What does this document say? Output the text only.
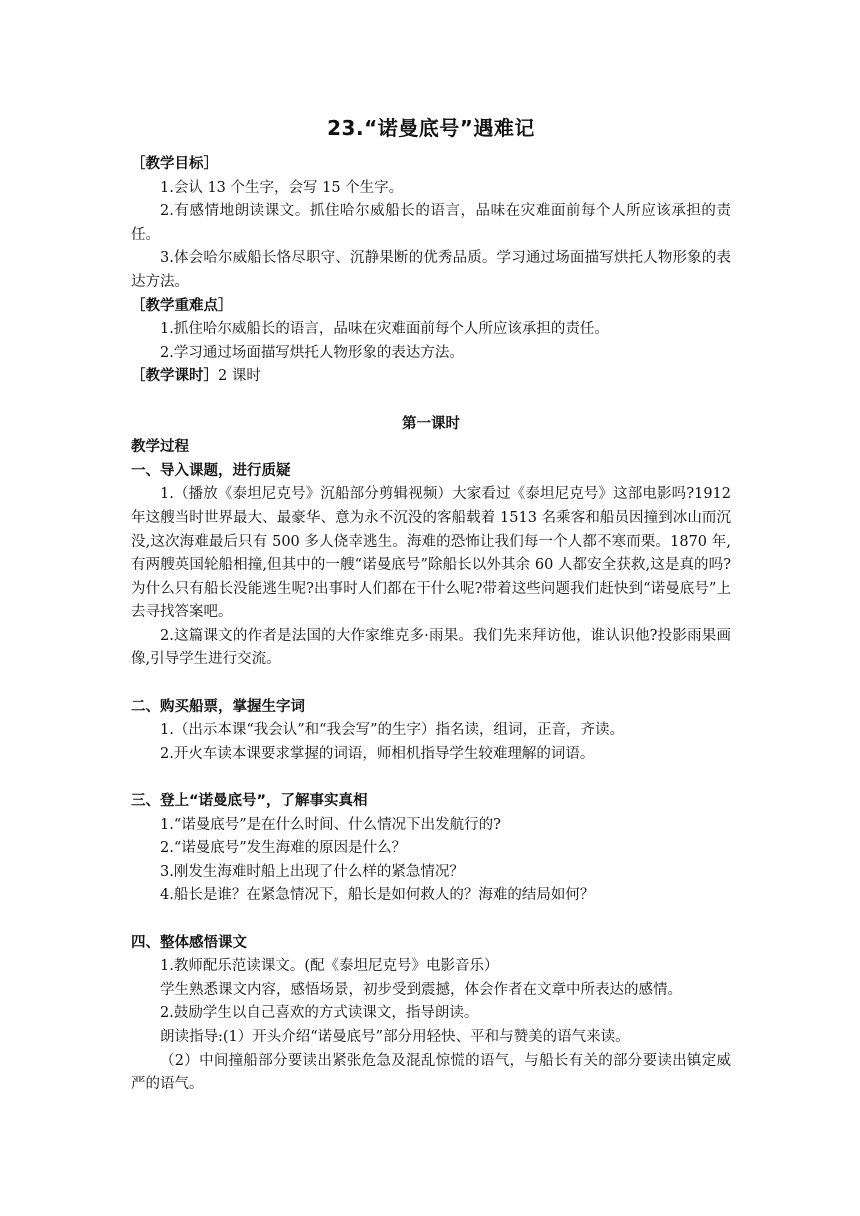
23.“诺曼底号”遇难记

［教学目标］

1.会认 13 个生字，会写 15 个生字。

2.有感情地朗读课文。抓住哈尔威船长的语言，品味在灾难面前每个人所应该承担的责任。

3.体会哈尔威船长恪尽职守、沉静果断的优秀品质。学习通过场面描写烘托人物形象的表达方法。

［教学重难点］

1.抓住哈尔威船长的语言，品味在灾难面前每个人所应该承担的责任。

2.学习通过场面描写烘托人物形象的表达方法。

［教学课时］2 课时

第一课时

教学过程

一、导入课题，进行质疑

1.（播放《泰坦尼克号》沉船部分剪辑视频）大家看过《泰坦尼克号》这部电影吗?1912 年这艘当时世界最大、最豪华、意为永不沉没的客船载着 1513 名乘客和船员因撞到冰山而沉没,这次海难最后只有 500 多人侥幸逃生。海难的恐怖让我们每一个人都不寒而栗。1870 年,有两艘英国轮船相撞,但其中的一艘“诺曼底号”除船长以外其余 60 人都安全获救,这是真的吗?为什么只有船长没能逃生呢?出事时人们都在干什么呢?带着这些问题我们赶快到“诺曼底号”上去寻找答案吧。

2.这篇课文的作者是法国的大作家维克多·雨果。我们先来拜访他，谁认识他?投影雨果画像,引导学生进行交流。

二、购买船票，掌握生字词

1.（出示本课“我会认”和“我会写”的生字）指名读，组词，正音，齐读。

2.开火车读本课要求掌握的词语，师相机指导学生较难理解的词语。

三、登上“诺曼底号”，了解事实真相

1.“诺曼底号”是在什么时间、什么情况下出发航行的?

2.“诺曼底号”发生海难的原因是什么？

3.刚发生海难时船上出现了什么样的紧急情况？

4.船长是谁？在紧急情况下，船长是如何救人的？海难的结局如何？

四、整体感悟课文

1.教师配乐范读课文。(配《泰坦尼克号》电影音乐）

学生熟悉课文内容，感悟场景，初步受到震撼，体会作者在文章中所表达的感情。

2.鼓励学生以自己喜欢的方式读课文，指导朗读。

朗读指导:(1）开头介绍“诺曼底号”部分用轻快、平和与赞美的语气来读。

（2）中间撞船部分要读出紧张危急及混乱惊慌的语气，与船长有关的部分要读出镇定威严的语气。
